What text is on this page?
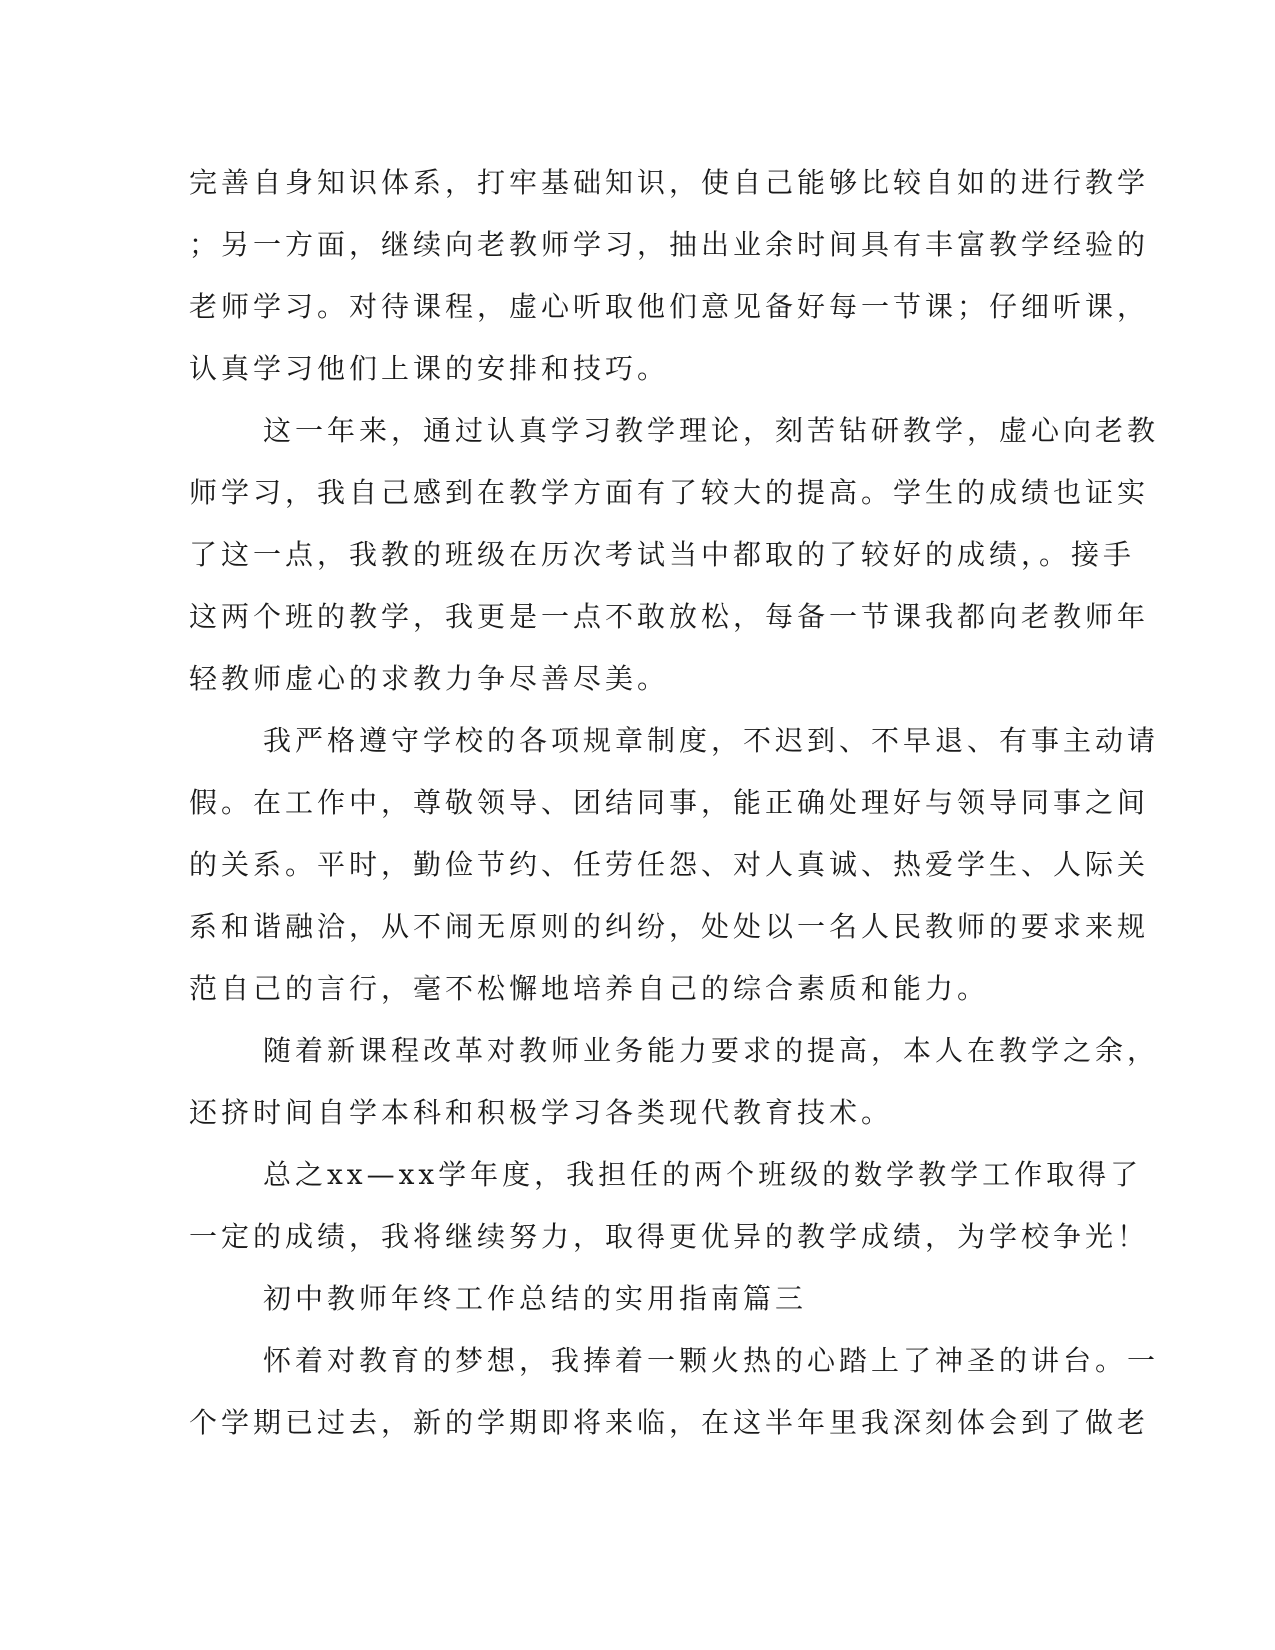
完善自身知识体系，打牢基础知识，使自己能够比较自如的进行教学
；另一方面，继续向老教师学习，抽出业余时间具有丰富教学经验的
老师学习。对待课程，虚心听取他们意见备好每一节课；仔细听课，
认真学习他们上课的安排和技巧。
这一年来，通过认真学习教学理论，刻苦钻研教学，虚心向老教
师学习，我自己感到在教学方面有了较大的提高。学生的成绩也证实
了这一点，我教的班级在历次考试当中都取的了较好的成绩，。接手
这两个班的教学，我更是一点不敢放松，每备一节课我都向老教师年
轻教师虚心的求教力争尽善尽美。
我严格遵守学校的各项规章制度，不迟到、不早退、有事主动请
假。在工作中，尊敬领导、团结同事，能正确处理好与领导同事之间
的关系。平时，勤俭节约、任劳任怨、对人真诚、热爱学生、人际关
系和谐融洽，从不闹无原则的纠纷，处处以一名人民教师的要求来规
范自己的言行，毫不松懈地培养自己的综合素质和能力。
随着新课程改革对教师业务能力要求的提高，本人在教学之余，
还挤时间自学本科和积极学习各类现代教育技术。
总之xx—xx学年度，我担任的两个班级的数学教学工作取得了
一定的成绩，我将继续努力，取得更优异的教学成绩，为学校争光！
初中教师年终工作总结的实用指南篇三
怀着对教育的梦想，我捧着一颗火热的心踏上了神圣的讲台。一
个学期已过去，新的学期即将来临，在这半年里我深刻体会到了做老
